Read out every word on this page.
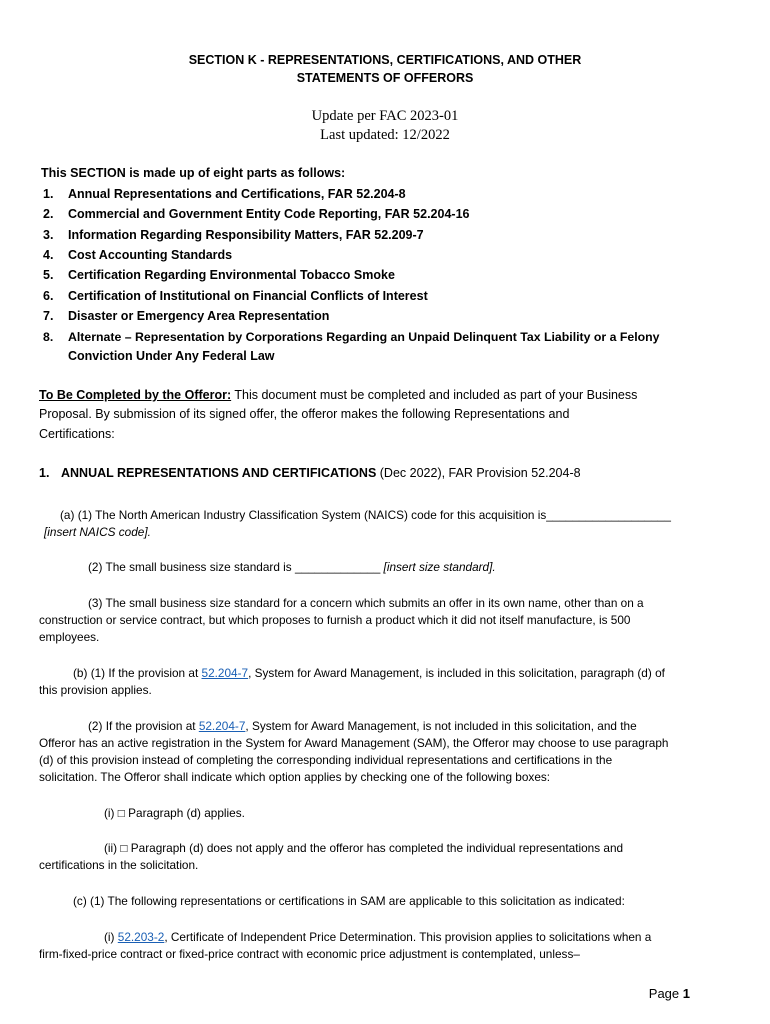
SECTION K - REPRESENTATIONS, CERTIFICATIONS, AND OTHER
STATEMENTS OF OFFERORS
Update per FAC 2023-01
Last updated: 12/2022
This SECTION is made up of eight parts as follows:
1. Annual Representations and Certifications, FAR 52.204-8
2. Commercial and Government Entity Code Reporting, FAR 52.204-16
3. Information Regarding Responsibility Matters, FAR 52.209-7
4. Cost Accounting Standards
5. Certification Regarding Environmental Tobacco Smoke
6. Certification of Institutional on Financial Conflicts of Interest
7. Disaster or Emergency Area Representation
8. Alternate – Representation by Corporations Regarding an Unpaid Delinquent Tax Liability or a Felony
Conviction Under Any Federal Law
To Be Completed by the Offeror: This document must be completed and included as part of your Business
Proposal. By submission of its signed offer, the offeror makes the following Representations and
Certifications:
1. ANNUAL REPRESENTATIONS AND CERTIFICATIONS (Dec 2022), FAR Provision 52.204-8
(a) (1) The North American Industry Classification System (NAICS) code for this acquisition is___________________
[insert NAICS code].
(2) The small business size standard is _____________ [insert size standard].
(3) The small business size standard for a concern which submits an offer in its own name, other than on a
construction or service contract, but which proposes to furnish a product which it did not itself manufacture, is 500
employees.
(b) (1) If the provision at 52.204-7, System for Award Management, is included in this solicitation, paragraph (d) of
this provision applies.
(2) If the provision at 52.204-7, System for Award Management, is not included in this solicitation, and the
Offeror has an active registration in the System for Award Management (SAM), the Offeror may choose to use paragraph
(d) of this provision instead of completing the corresponding individual representations and certifications in the
solicitation. The Offeror shall indicate which option applies by checking one of the following boxes:
(i) □ Paragraph (d) applies.
(ii) □ Paragraph (d) does not apply and the offeror has completed the individual representations and
certifications in the solicitation.
(c) (1) The following representations or certifications in SAM are applicable to this solicitation as indicated:
(i) 52.203-2, Certificate of Independent Price Determination. This provision applies to solicitations when a
firm-fixed-price contract or fixed-price contract with economic price adjustment is contemplated, unless–
Page 1
